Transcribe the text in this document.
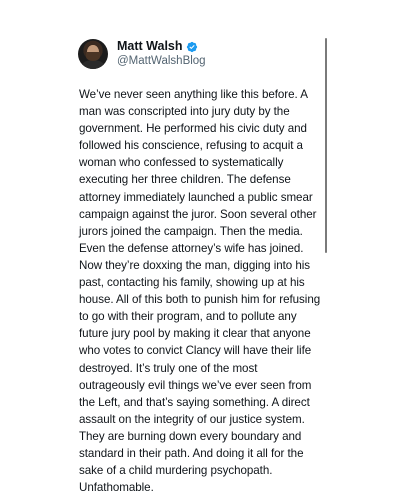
Matt Walsh
@MattWalshBlog
We’ve never seen anything like this before. A
man was conscripted into jury duty by the
government. He performed his civic duty and
followed his conscience, refusing to acquit a
woman who confessed to systematically
executing her three children. The defense
attorney immediately launched a public smear
campaign against the juror. Soon several other
jurors joined the campaign. Then the media.
Even the defense attorney’s wife has joined.
Now they’re doxxing the man, digging into his
past, contacting his family, showing up at his
house. All of this both to punish him for refusing
to go with their program, and to pollute any
future jury pool by making it clear that anyone
who votes to convict Clancy will have their life
destroyed. It’s truly one of the most
outrageously evil things we’ve ever seen from
the Left, and that’s saying something. A direct
assault on the integrity of our justice system.
They are burning down every boundary and
standard in their path. And doing it all for the
sake of a child murdering psychopath.
Unfathomable.
